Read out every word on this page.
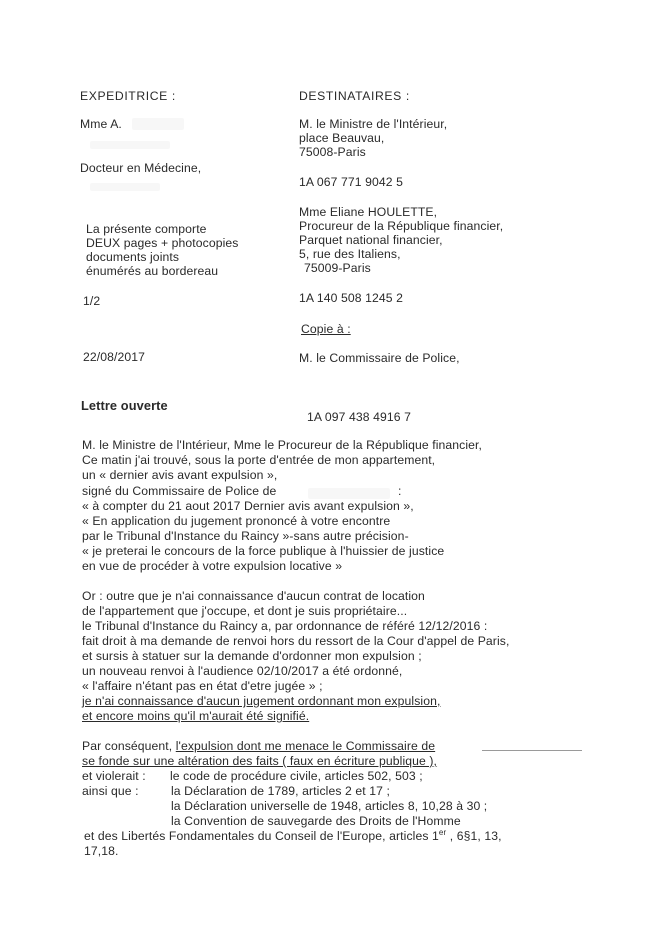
EXPEDITRICE :
Mme A.
Docteur en Médecine,
La présente comporte
DEUX pages + photocopies
documents joints
énumérés au bordereau
1/2
22/08/2017
Lettre ouverte
DESTINATAIRES :
M. le Ministre de l'Intérieur,
place Beauvau,
75008-Paris
1A 067 771 9042 5
Mme Eliane HOULETTE,
Procureur de la République financier,
Parquet national financier,
5, rue des Italiens,
75009-Paris
1A 140 508 1245 2
Copie à :
M. le Commissaire de Police,
1A 097 438 4916 7
M. le Ministre de l'Intérieur, Mme le Procureur de la République financier,
Ce matin j'ai trouvé, sous la porte d'entrée de mon appartement,
un « dernier avis avant expulsion »,
signé du Commissaire de Police de	:
« à compter du 21 aout 2017 Dernier avis avant expulsion »,
« En application du jugement prononcé à votre encontre
par le Tribunal d'Instance du Raincy »-sans autre précision-
« je preterai le concours de la force publique à l'huissier de justice
en vue de procéder à votre expulsion locative »
Or : outre que je n'ai connaissance d'aucun contrat de location
de l'appartement que j'occupe, et dont je suis propriétaire...
le Tribunal d'Instance du Raincy a, par ordonnance de référé 12/12/2016 :
fait droit à ma demande de renvoi hors du ressort de la Cour d'appel de Paris,
et sursis à statuer sur la demande d'ordonner mon expulsion ;
un nouveau renvoi à l'audience 02/10/2017 a été ordonné,
« l'affaire n'étant pas en état d'etre jugée » ;
je n'ai connaissance d'aucun jugement ordonnant mon expulsion,
et encore moins qu'il m'aurait été signifié.
Par conséquent, l'expulsion dont me menace le Commissaire de
se fonde sur une altération des faits ( faux en écriture publique ),
et violerait : le code de procédure civile, articles 502, 503 ;
ainsi que :	la Déclaration de 1789, articles 2 et 17 ;
la Déclaration universelle de 1948, articles 8, 10,28 à 30 ;
la Convention de sauvegarde des Droits de l'Homme
et des Libertés Fondamentales du Conseil de l'Europe, articles 1er , 6§1, 13,
17,18.
